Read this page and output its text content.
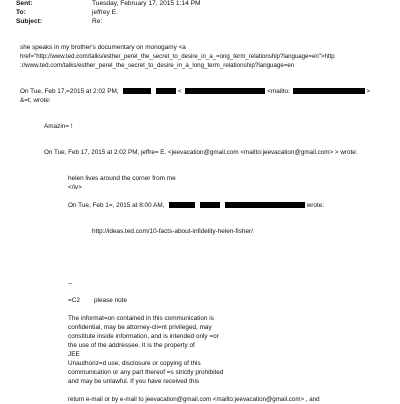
Sent:	Tuesday, February 17, 2015 1:14 PM
To:	jeffrey E.
Subject:	Re:
she speaks in my brother's documentary on monogamy <a
href="http://www.ted.com/talks/esther_perel_the_secret_to_desire_in_a_=ong_term_relationship?language=en">http
://www.ted.com/talks/esther_perel_the_secret_to_desire_in_a_long_term_relationship?language=en
On Tue, Feb 17,=2015 at 2:02 PM,	<	<mailto:	>
&=t; wrote:
Amazin= !
On Tue, Feb 17, 2015 at 2:02 PM, jeffre= E. <jeevacation@gmail.com <mailto:jeevacation@gmail.com> > wrote:
helen lives around the corner from me
</iv>
On Tue, Feb 1=, 2015 at 8:00 AM,	wrote:
http://ideas.ted.com/10-facts-about-infidelity-helen-fisher/
--
=C2 please note
The informat=on contained in this communication is
confidential, may be attorney-cli=nt privileged, may
constitute inside information, and is intended only =or
the use of the addressee. It is the property of
JEE
Unauthoriz=d use, disclosure or copying of this
communication or any part thereof =s strictly prohibited
and may be unlawful. If you have received this
return e-mail or by e-mail to jeevacation@gmail.com <mailto:jeevacation@gmail.com> , and
